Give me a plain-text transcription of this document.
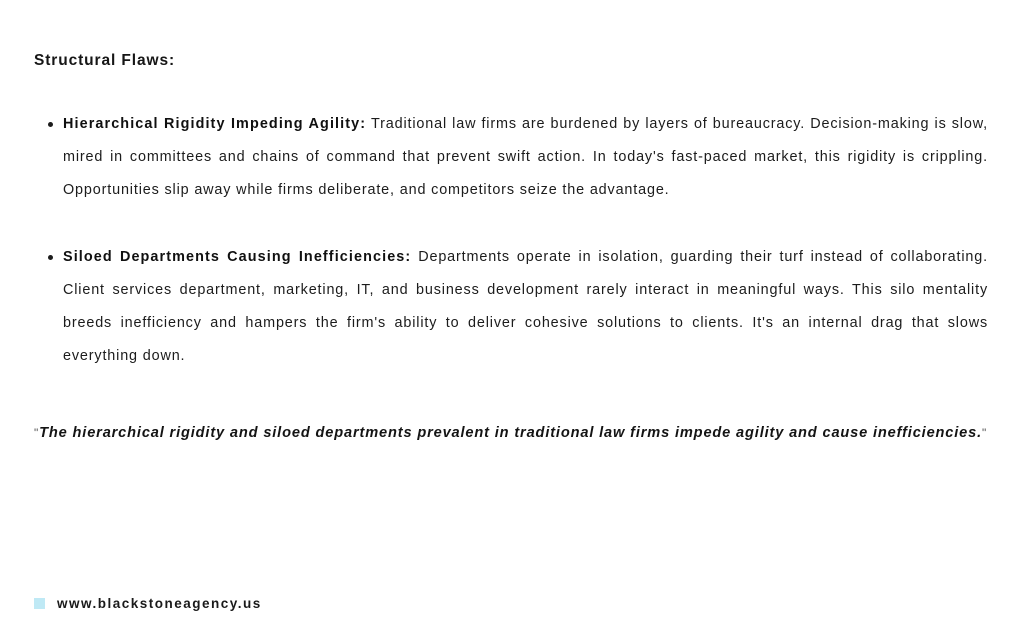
Structural Flaws:
Hierarchical Rigidity Impeding Agility: Traditional law firms are burdened by layers of bureaucracy. Decision-making is slow, mired in committees and chains of command that prevent swift action. In today's fast-paced market, this rigidity is crippling. Opportunities slip away while firms deliberate, and competitors seize the advantage.
Siloed Departments Causing Inefficiencies: Departments operate in isolation, guarding their turf instead of collaborating. Client services department, marketing, IT, and business development rarely interact in meaningful ways. This silo mentality breeds inefficiency and hampers the firm's ability to deliver cohesive solutions to clients. It's an internal drag that slows everything down.

"The hierarchical rigidity and siloed departments prevalent in traditional law firms impede agility and cause inefficiencies."

www.blackstoneagency.us
